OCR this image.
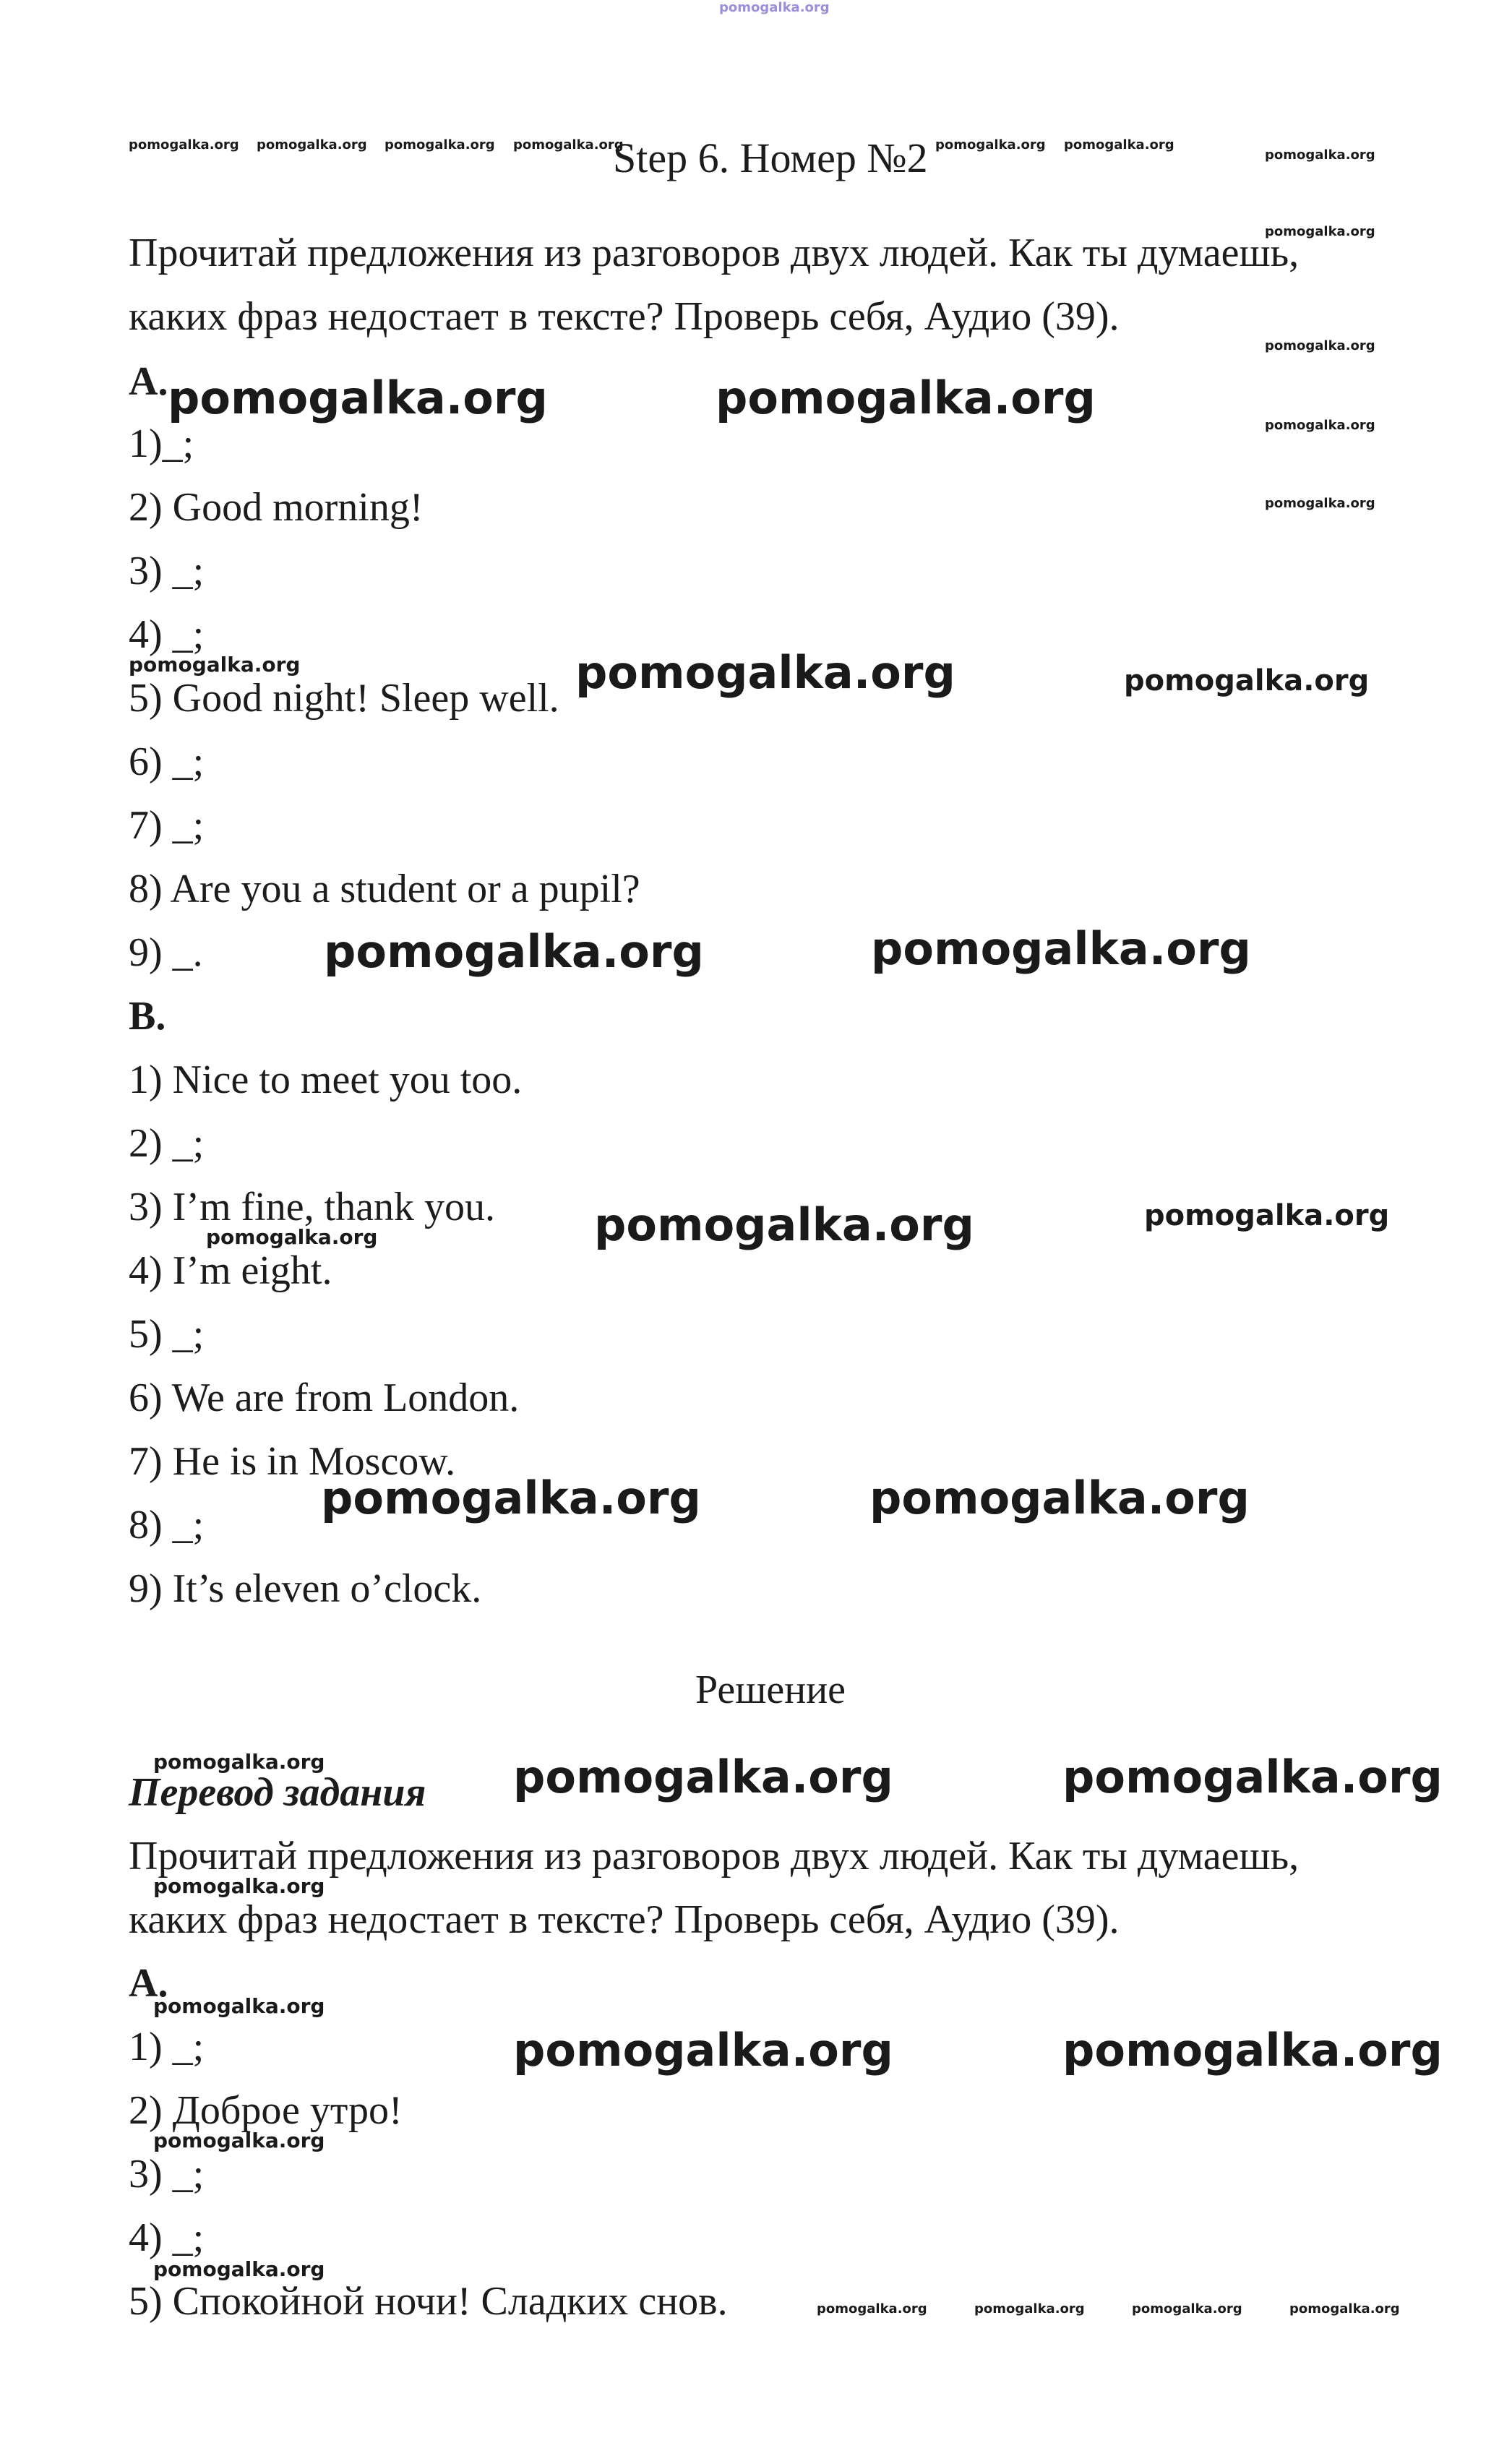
pomogalka.org
Step 6. Номер №2
Прочитай предложения из разговоров двух людей. Как ты думаешь,
каких фраз недостает в тексте? Проверь себя, Аудио (39).
A.
1)_;
2) Good morning!
3) _;
4) _;
5) Good night! Sleep well.
6) _;
7) _;
8) Are you a student or a pupil?
9) _.
B.
1) Nice to meet you too.
2) _;
3) I’m fine, thank you.
4) I’m eight.
5) _;
6) We are from London.
7) He is in Moscow.
8) _;
9) It’s eleven o’clock.
Решение
Перевод задания
Прочитай предложения из разговоров двух людей. Как ты думаешь,
каких фраз недостает в тексте? Проверь себя, Аудио (39).
A.
1) _;
2) Доброе утро!
3) _;
4) _;
5) Спокойной ночи! Сладких снов.
pomogalka.org pomogalka.org pomogalka.org pomogalka.org	pomogalka.org pomogalka.org
pomogalka.org
pomogalka.org
pomogalka.org
pomogalka.org
pomogalka.org
pomogalka.org	pomogalka.org
pomogalka.org	pomogalka.org	pomogalka.org
pomogalka.org	pomogalka.org
pomogalka.org	pomogalka.org	pomogalka.org
pomogalka.org	pomogalka.org
pomogalka.org	pomogalka.org	pomogalka.org
pomogalka.org
pomogalka.org
pomogalka.org	pomogalka.org
pomogalka.org
pomogalka.org
pomogalka.org	pomogalka.org	pomogalka.org	pomogalka.org
